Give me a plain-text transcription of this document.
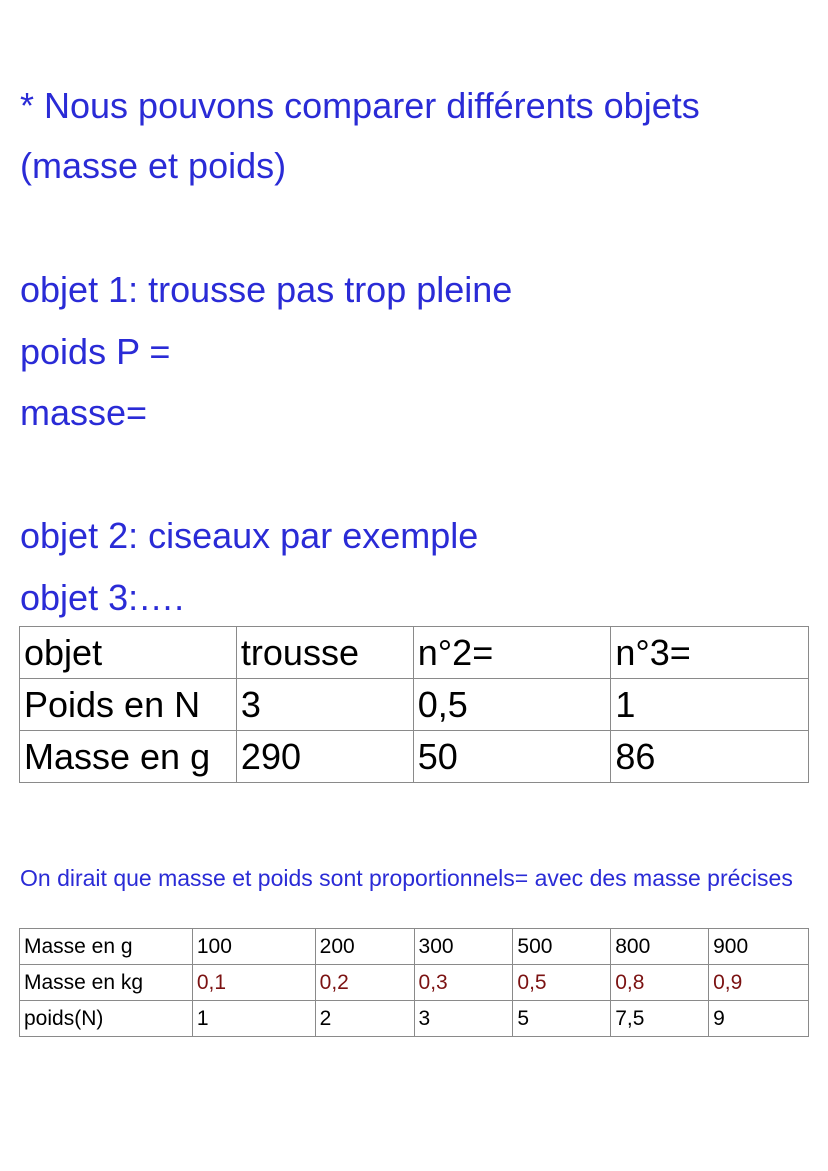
* Nous pouvons comparer différents objets
(masse et poids)
objet 1: trousse pas trop pleine
poids P =
masse=
objet 2: ciseaux par exemple
objet 3:….
objet	trousse	n°2=	n°3=
Poids en N	3	0,5	1
Masse en g	290	50	86
On dirait que masse et poids sont proportionnels= avec des masse précises
Masse en g	100	200	300	500	800	900
Masse en kg	0,1	0,2	0,3	0,5	0,8	0,9
poids(N)	1	2	3	5	7,5	9
